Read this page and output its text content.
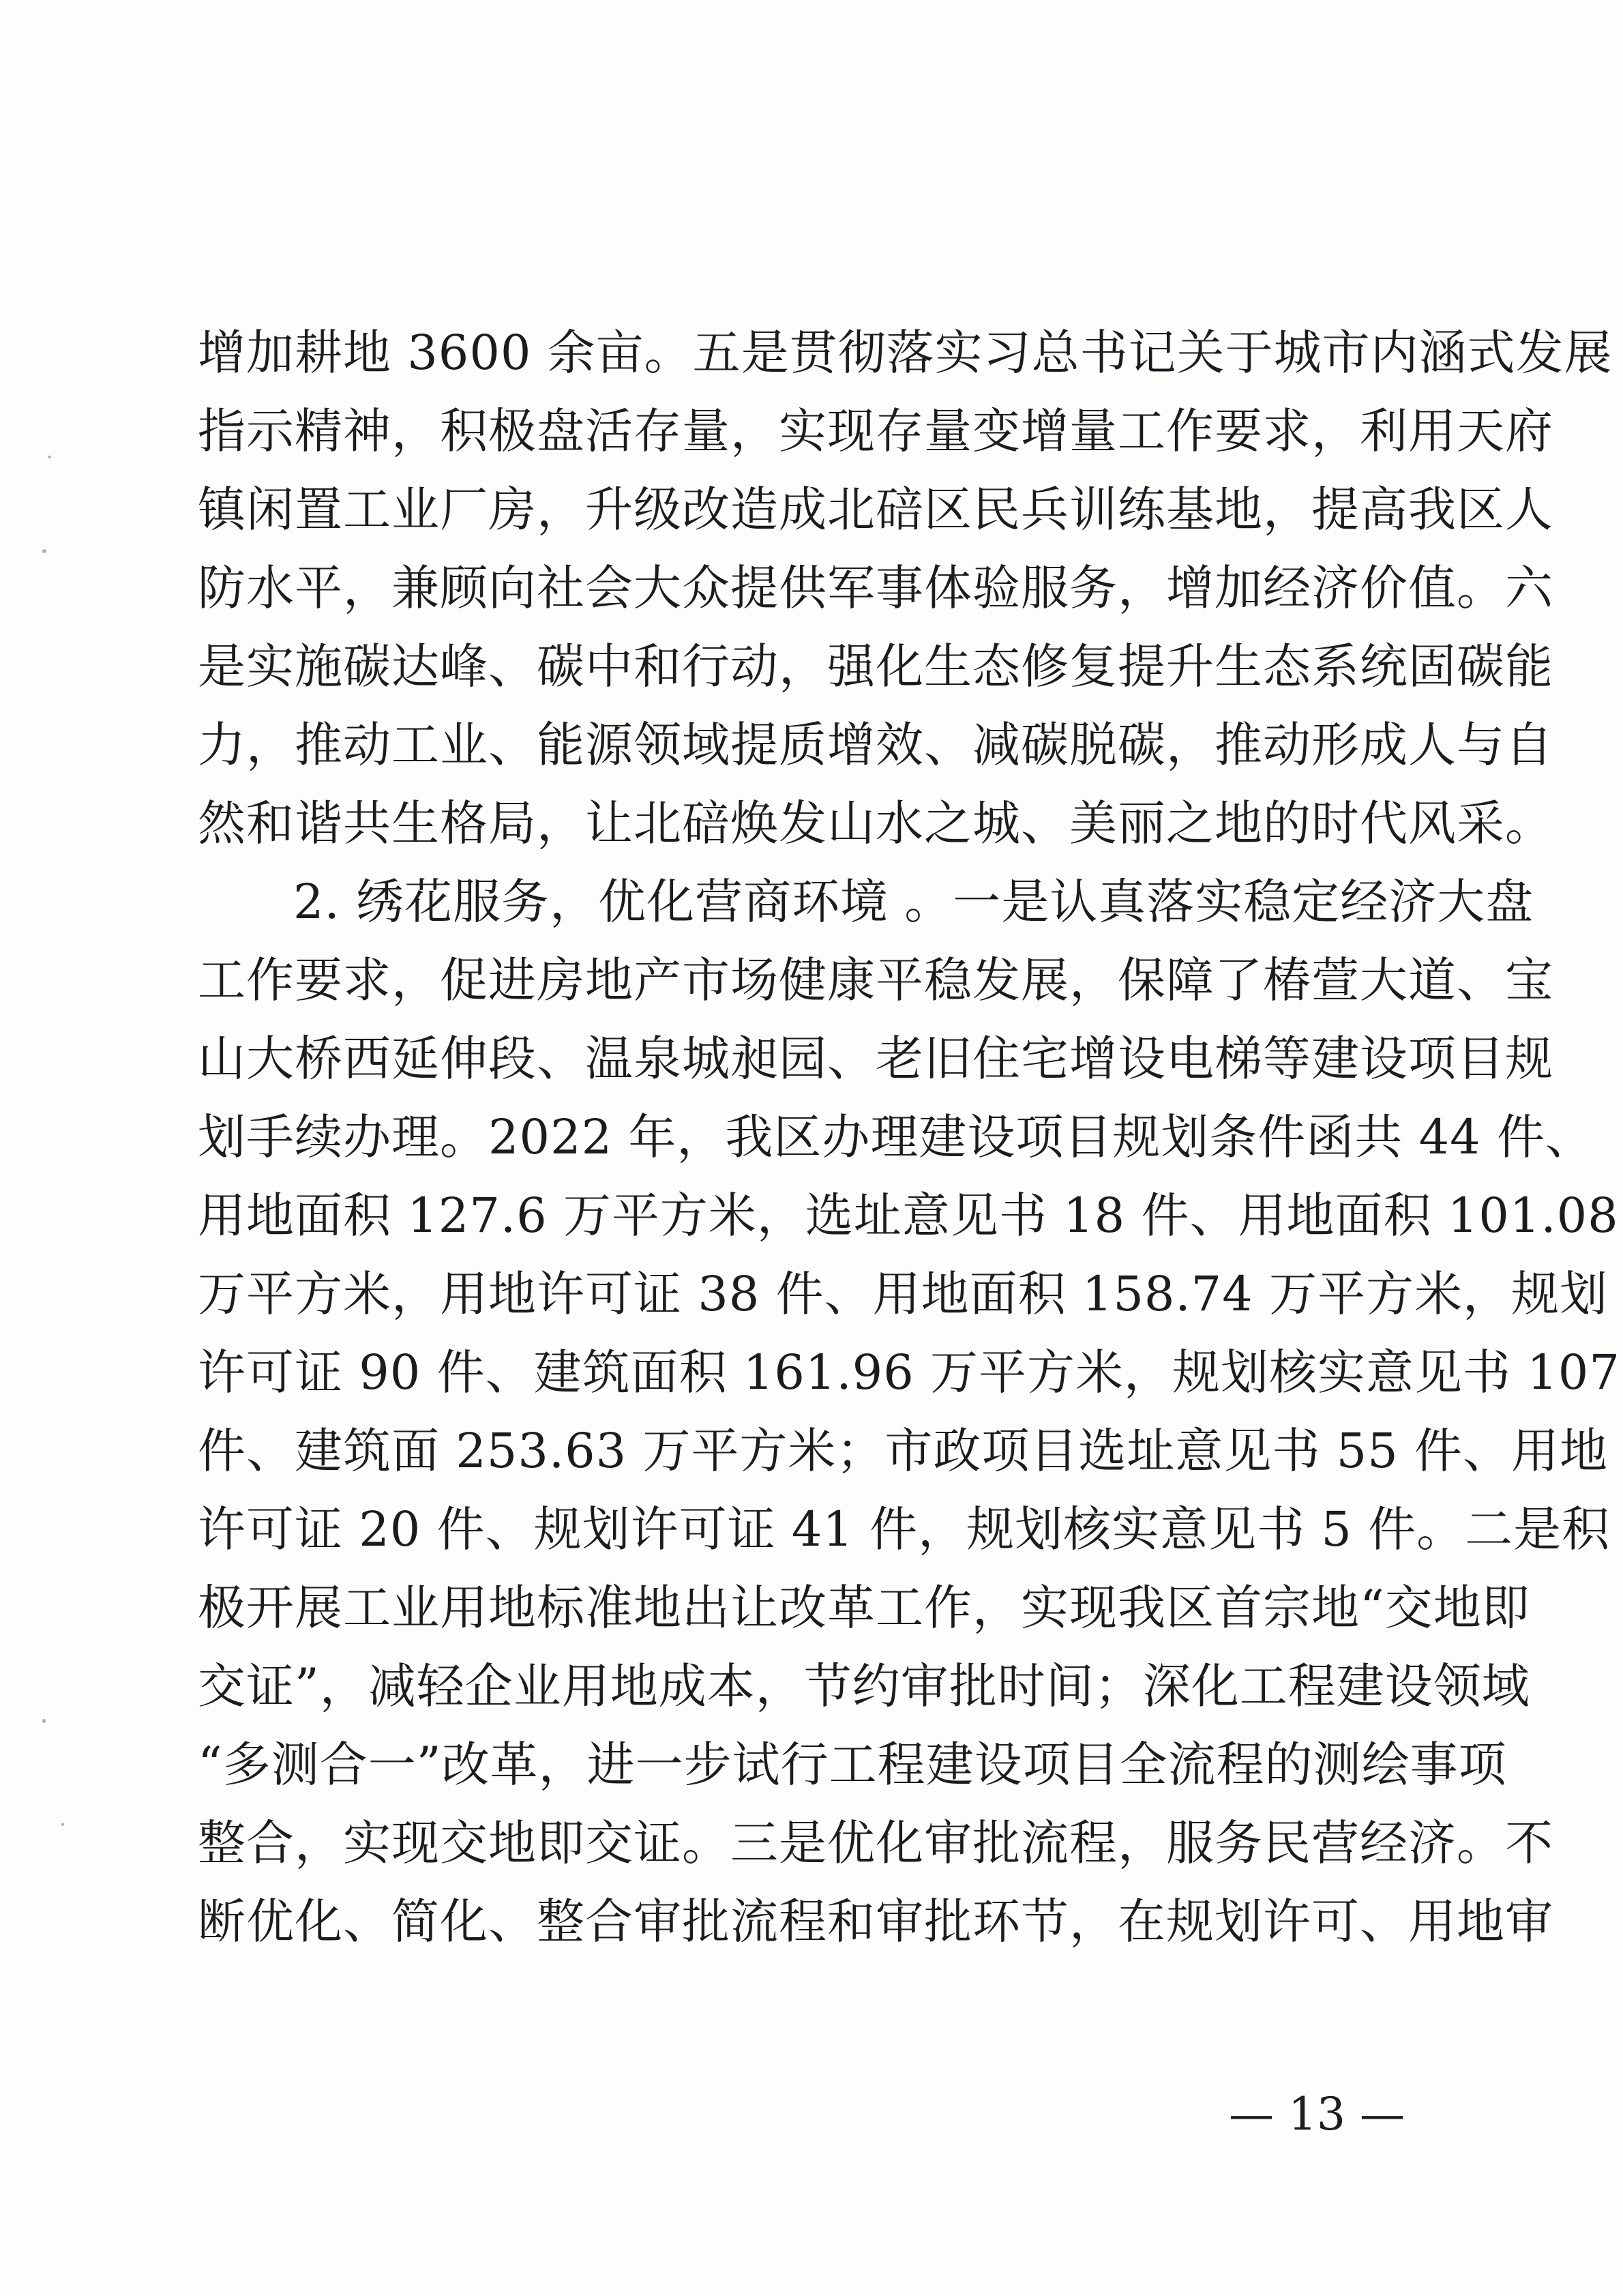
增加耕地 3600 余亩。五是贯彻落实习总书记关于城市内涵式发展
指示精神，积极盘活存量，实现存量变增量工作要求，利用天府
镇闲置工业厂房，升级改造成北碚区民兵训练基地，提高我区人
防水平，兼顾向社会大众提供军事体验服务，增加经济价值。六
是实施碳达峰、碳中和行动，强化生态修复提升生态系统固碳能
力，推动工业、能源领域提质增效、减碳脱碳，推动形成人与自
然和谐共生格局，让北碚焕发山水之城、美丽之地的时代风采。
2. 绣花服务，优化营商环境 。一是认真落实稳定经济大盘
工作要求，促进房地产市场健康平稳发展，保障了椿萱大道、宝
山大桥西延伸段、温泉城昶园、老旧住宅增设电梯等建设项目规
划手续办理。2022 年，我区办理建设项目规划条件函共 44 件、
用地面积 127.6 万平方米，选址意见书 18 件、用地面积 101.08
万平方米，用地许可证 38 件、用地面积 158.74 万平方米，规划
许可证 90 件、建筑面积 161.96 万平方米，规划核实意见书 107
件、建筑面 253.63 万平方米；市政项目选址意见书 55 件、用地
许可证 20 件、规划许可证 41 件，规划核实意见书 5 件。二是积
极开展工业用地标准地出让改革工作，实现我区首宗地“交地即
交证”，减轻企业用地成本，节约审批时间；深化工程建设领域
“多测合一”改革，进一步试行工程建设项目全流程的测绘事项
整合，实现交地即交证。三是优化审批流程，服务民营经济。不
断优化、简化、整合审批流程和审批环节，在规划许可、用地审
— 13 —
